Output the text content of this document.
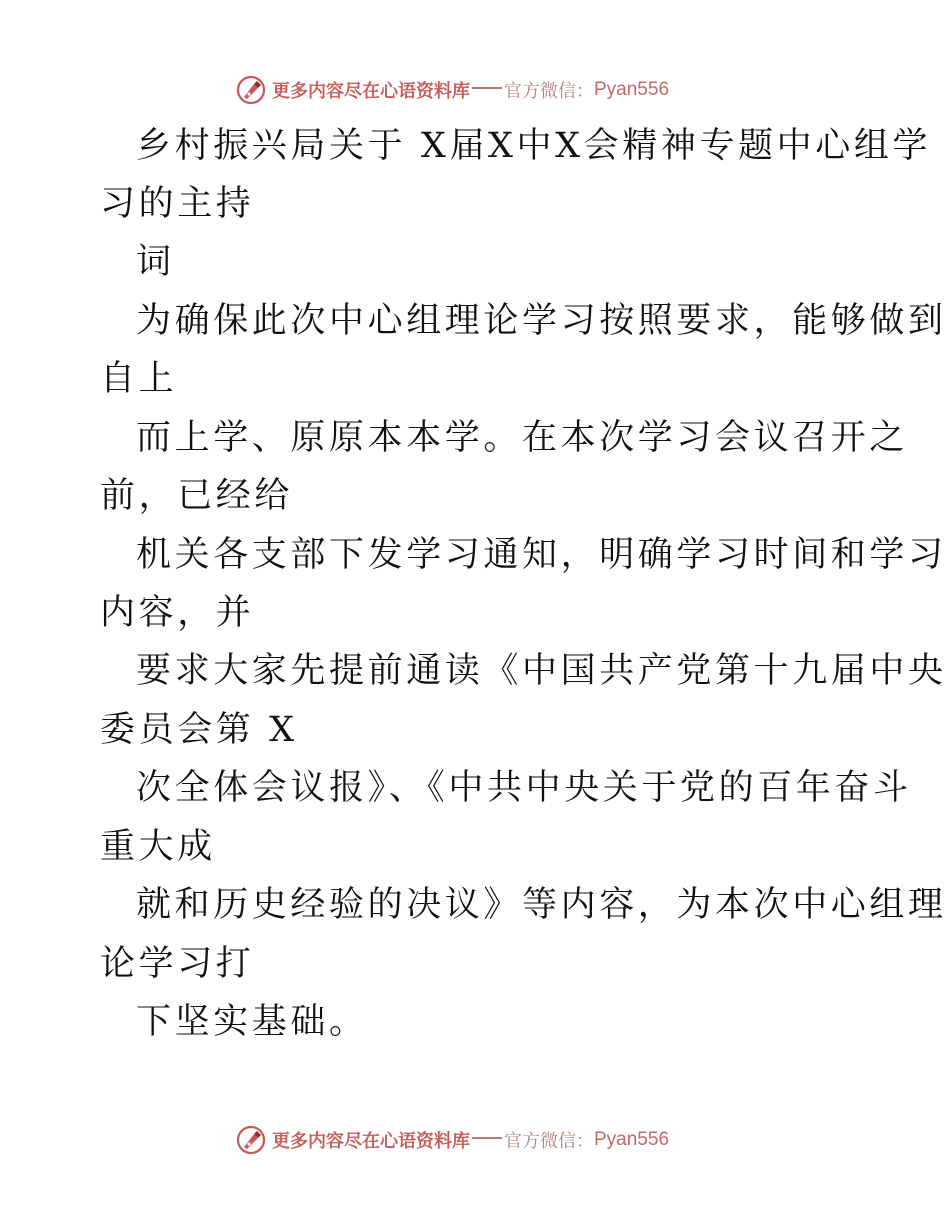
更多内容尽在心语资料库 官方微信： Pyan556

乡村振兴局关于 X届X中X会精神专题中心组学

习的主持

词

为确保此次中心组理论学习按照要求，能够做到

自上

而上学、原原本本学。在本次学习会议召开之

前，已经给

机关各支部下发学习通知，明确学习时间和学习

内容，并

要求大家先提前通读《中国共产党第十九届中央

委员会第 X

次全体会议报》、《中共中央关于党的百年奋斗

重大成

就和历史经验的决议》等内容，为本次中心组理

论学习打

下坚实基础。

更多内容尽在心语资料库 官方微信： Pyan556
